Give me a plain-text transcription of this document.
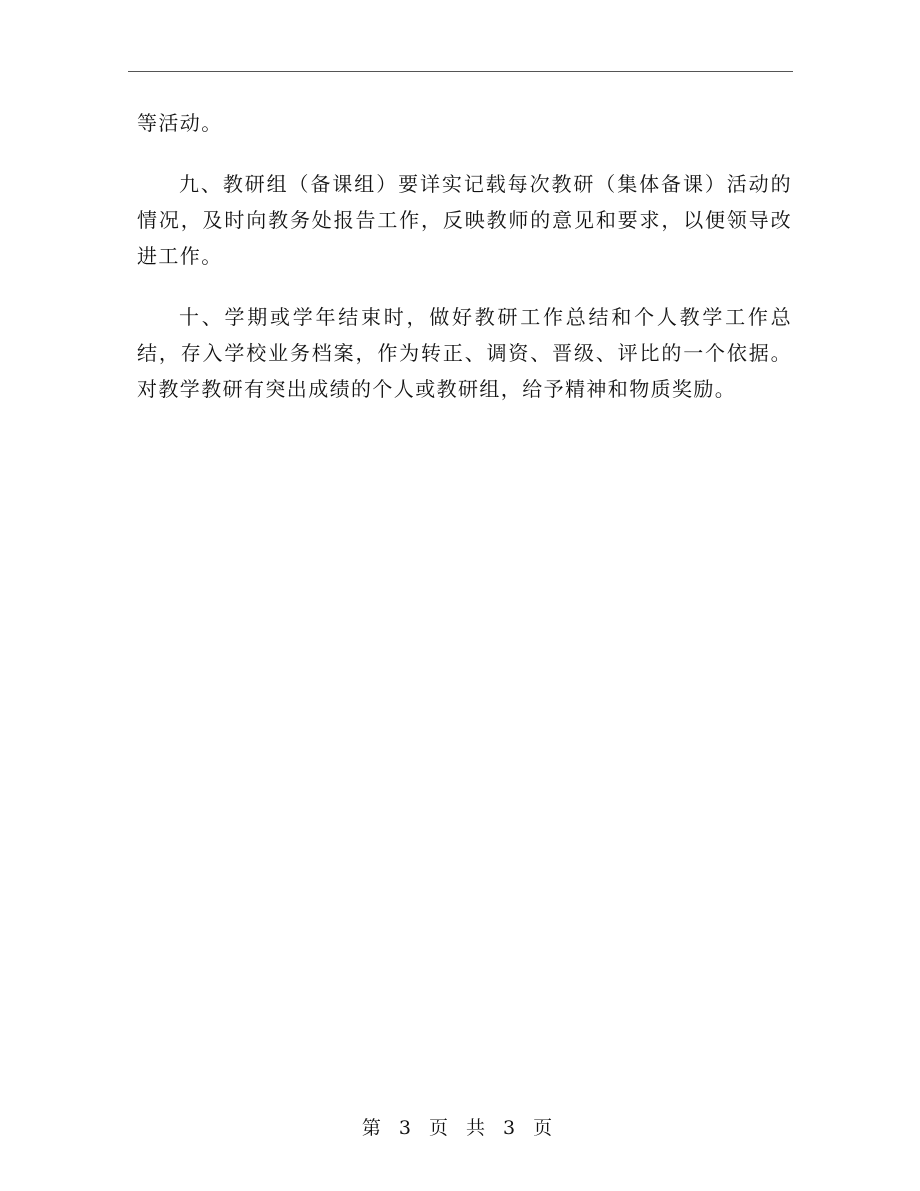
等活动。

九、教研组（备课组）要详实记载每次教研（集体备课）活动的情况，及时向教务处报告工作，反映教师的意见和要求，以便领导改进工作。

十、学期或学年结束时，做好教研工作总结和个人教学工作总结，存入学校业务档案，作为转正、调资、晋级、评比的一个依据。对教学教研有突出成绩的个人或教研组，给予精神和物质奖励。

第 3 页 共 3 页
